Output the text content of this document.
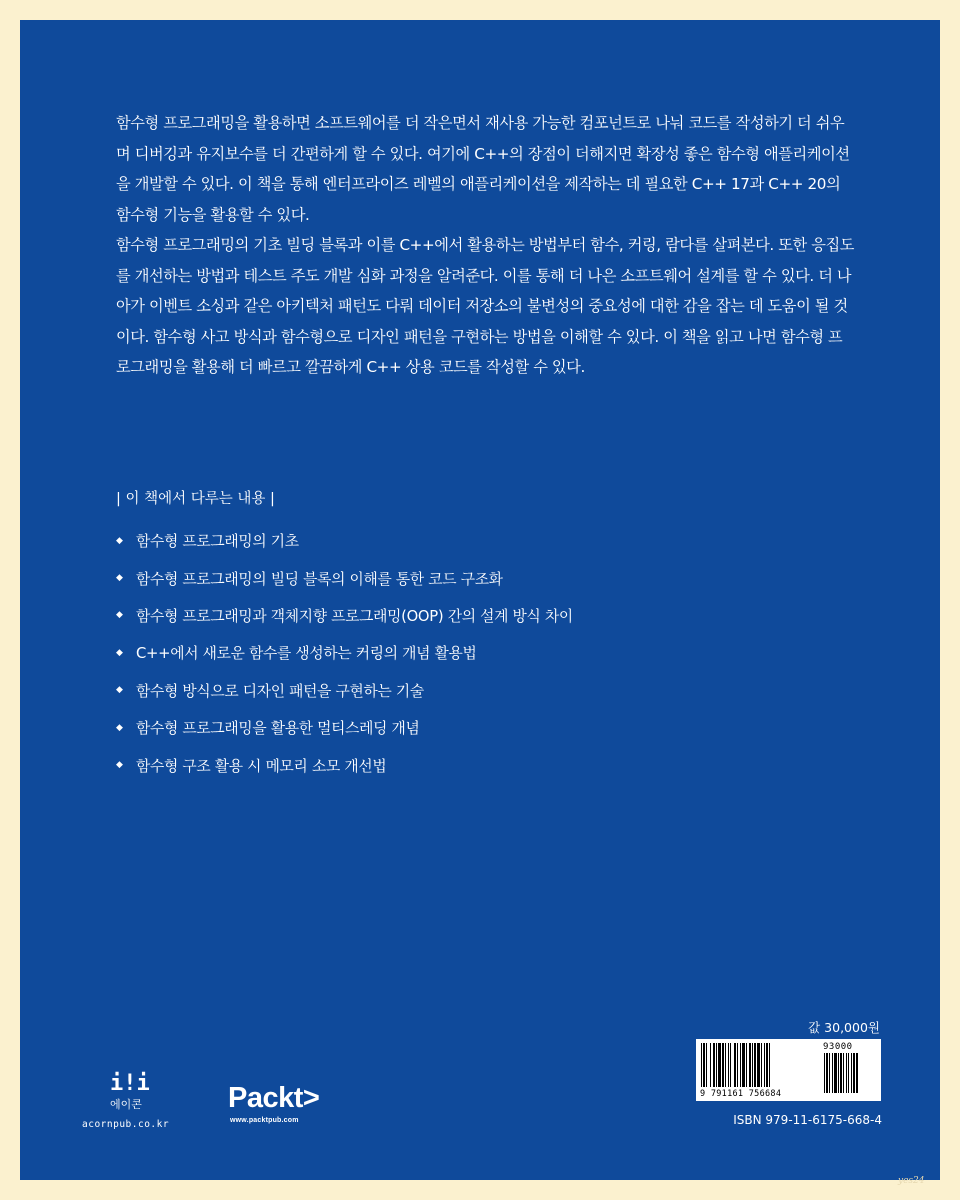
함수형 프로그래밍을 활용하면 소프트웨어를 더 작은면서 재사용 가능한 컴포넌트로 나눠 코드를 작성하기 더 쉬우며 디버깅과 유지보수를 더 간편하게 할 수 있다. 여기에 C++의 장점이 더해지면 확장성 좋은 함수형 애플리케이션을 개발할 수 있다. 이 책을 통해 엔터프라이즈 레벨의 애플리케이션을 제작하는 데 필요한 C++ 17과 C++ 20의 함수형 기능을 활용할 수 있다.

함수형 프로그래밍의 기초 빌딩 블록과 이를 C++에서 활용하는 방법부터 함수, 커링, 람다를 살펴본다. 또한 응집도를 개선하는 방법과 테스트 주도 개발 심화 과정을 알려준다. 이를 통해 더 나은 소프트웨어 설계를 할 수 있다. 더 나아가 이벤트 소싱과 같은 아키텍처 패턴도 다뤄 데이터 저장소의 불변성의 중요성에 대한 감을 잡는 데 도움이 될 것이다. 함수형 사고 방식과 함수형으로 디자인 패턴을 구현하는 방법을 이해할 수 있다. 이 책을 읽고 나면 함수형 프로그래밍을 활용해 더 빠르고 깔끔하게 C++ 상용 코드를 작성할 수 있다.

| 이 책에서 다루는 내용 |
◆ 함수형 프로그래밍의 기초
◆ 함수형 프로그래밍의 빌딩 블록의 이해를 통한 코드 구조화
◆ 함수형 프로그래밍과 객체지향 프로그래밍(OOP) 간의 설계 방식 차이
◆ C++에서 새로운 함수를 생성하는 커링의 개념 활용법
◆ 함수형 방식으로 디자인 패턴을 구현하는 기술
◆ 함수형 프로그래밍을 활용한 멀티스레딩 개념
◆ 함수형 구조 활용 시 메모리 소모 개선법
값 30,000원
93000
9 791161 756684
ISBN 979-11-6175-668-4
i!i
에이콘
acornpub.co.kr
Packt>
www.packtpub.com
yes24
